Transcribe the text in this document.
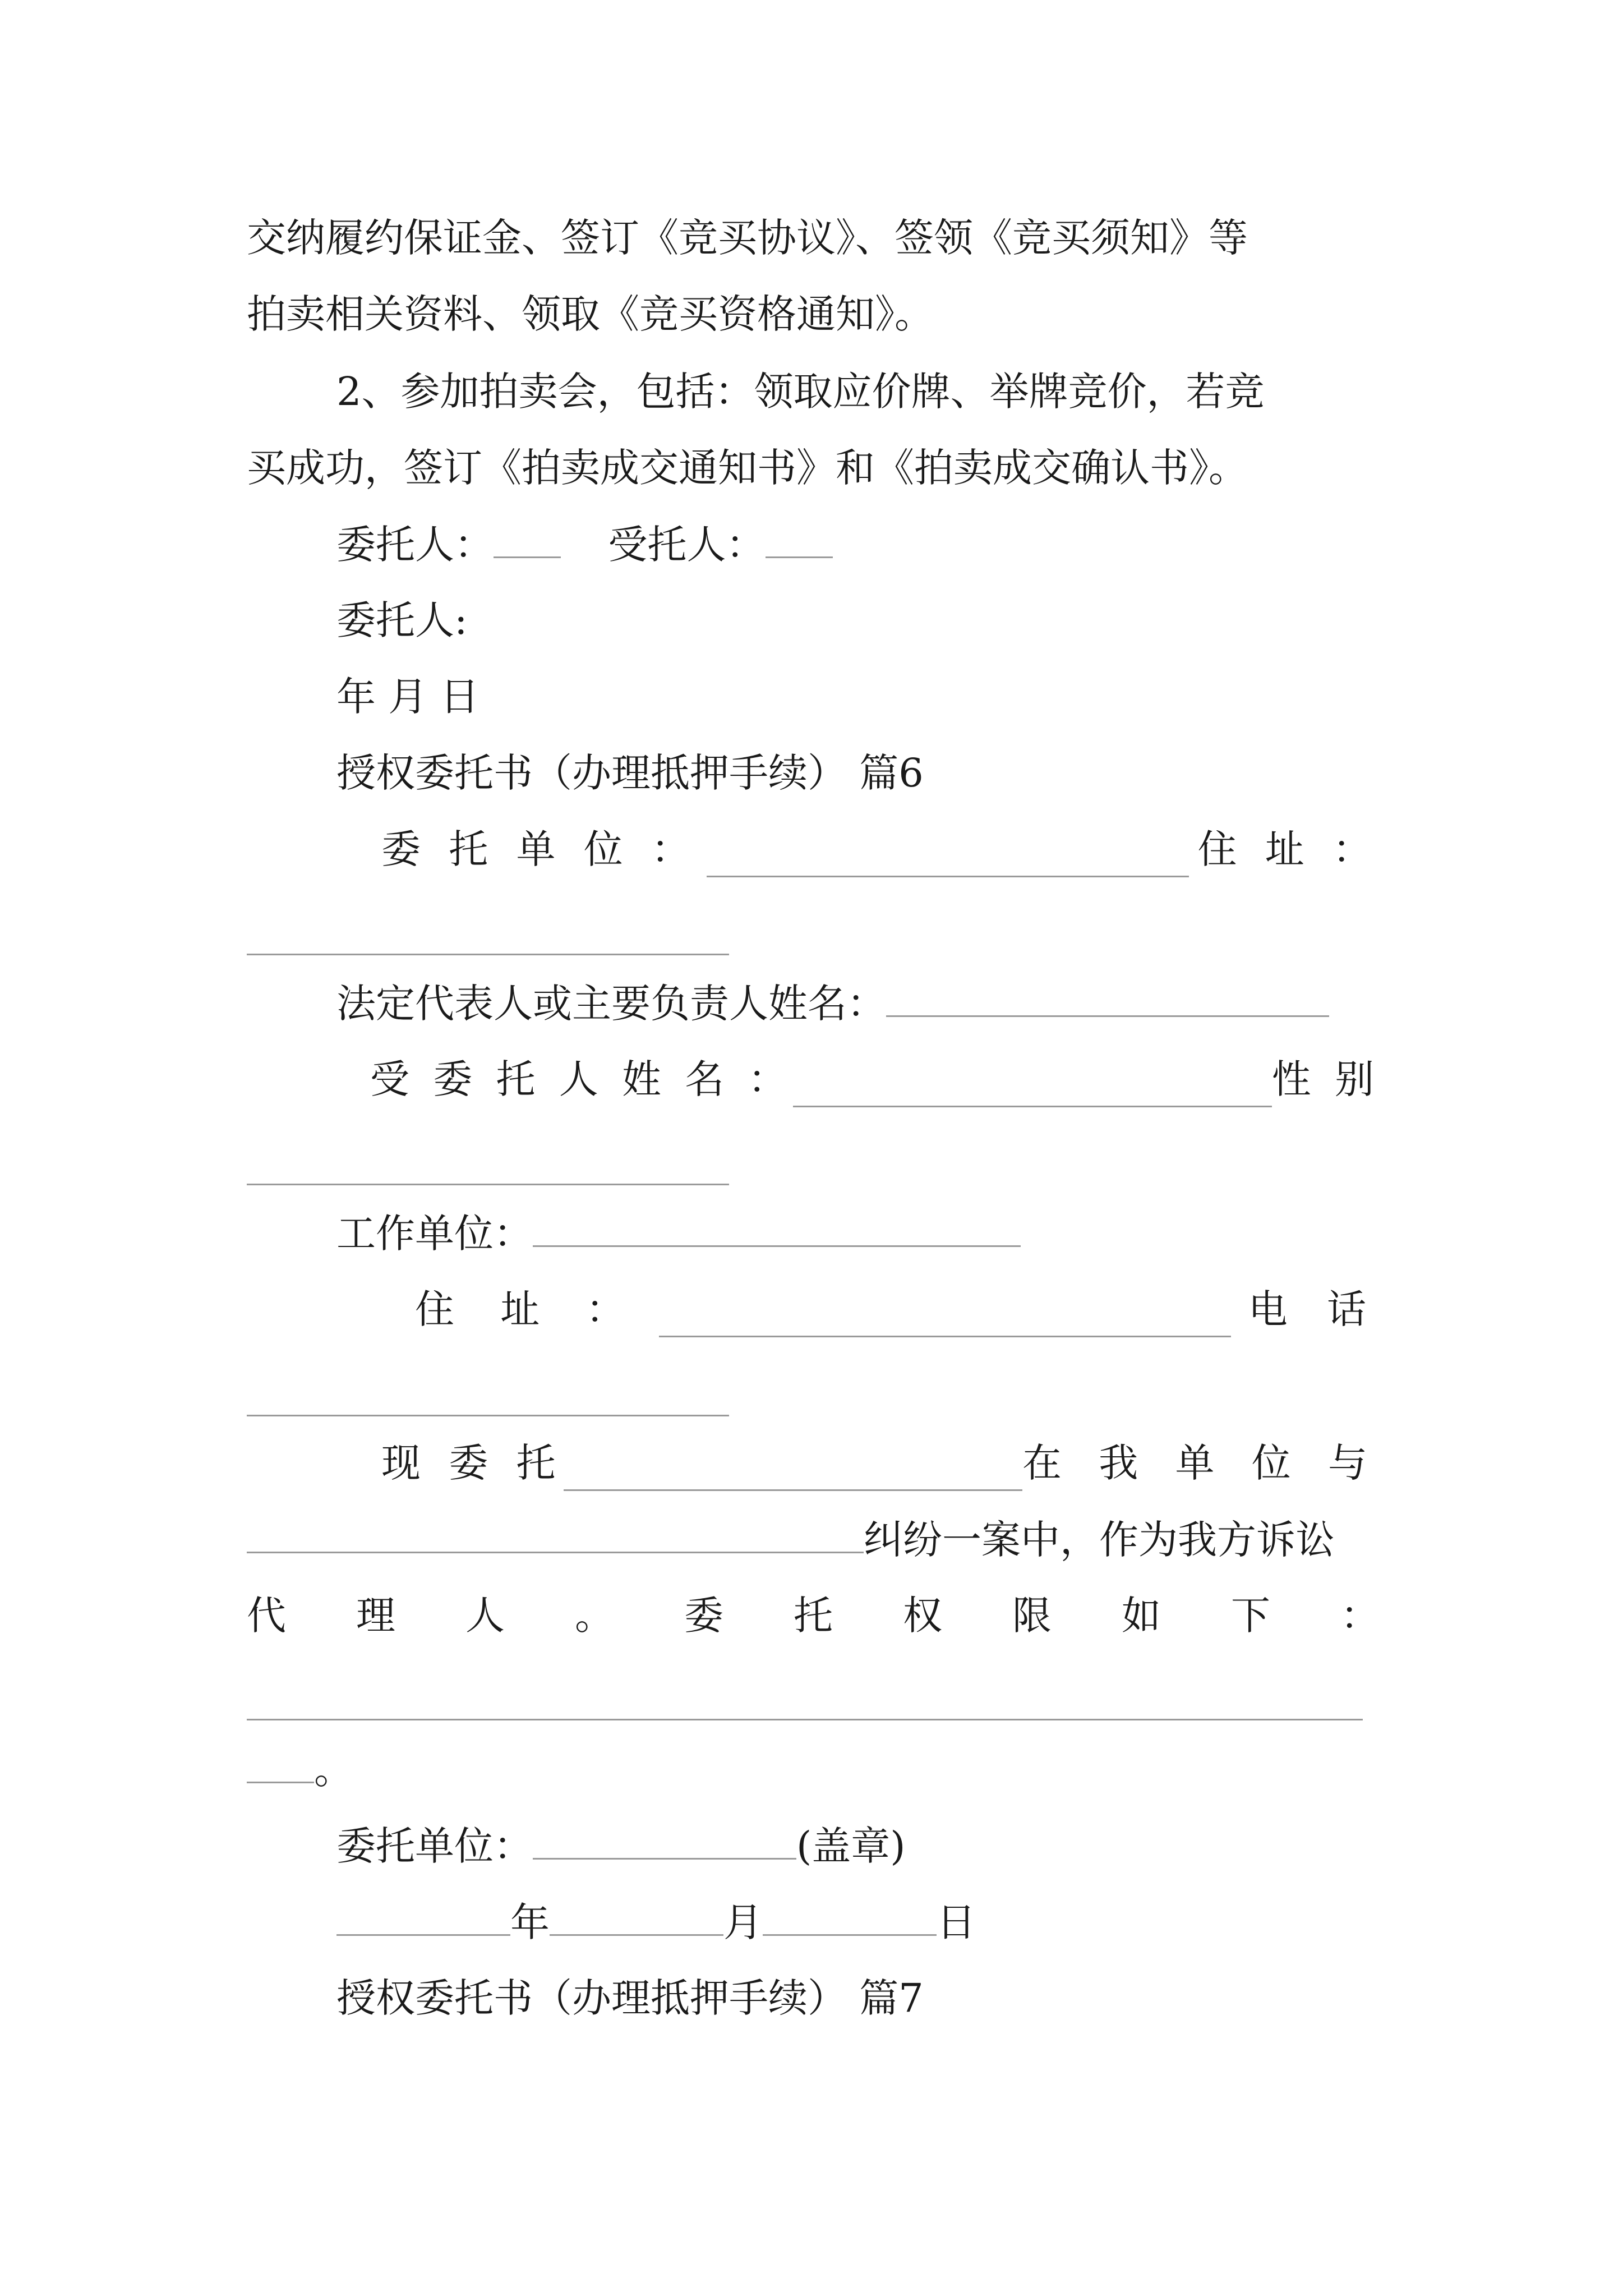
交纳履约保证金、签订《竞买协议》、签领《竞买须知》等
拍卖相关资料、领取《竞买资格通知》。
2、参加拍卖会，包括：领取应价牌、举牌竞价，若竞
买成功，签订《拍卖成交通知书》和《拍卖成交确认书》。
委托人：	受托人：
委托人:
年 月 日
授权委托书（办理抵押手续） 篇6
委 托 单 位 ：	住 址 ：
法定代表人或主要负责人姓名：
受 委 托 人 姓 名 ：	性 别
工作单位：
住 址 ：	电 话
现 委 托	在 我 单 位 与
纠纷一案中，作为我方诉讼
代 理 人 。 委 托 权 限 如 下 ：
。
委托单位：	(盖章)
年	月	日
授权委托书（办理抵押手续） 篇7
